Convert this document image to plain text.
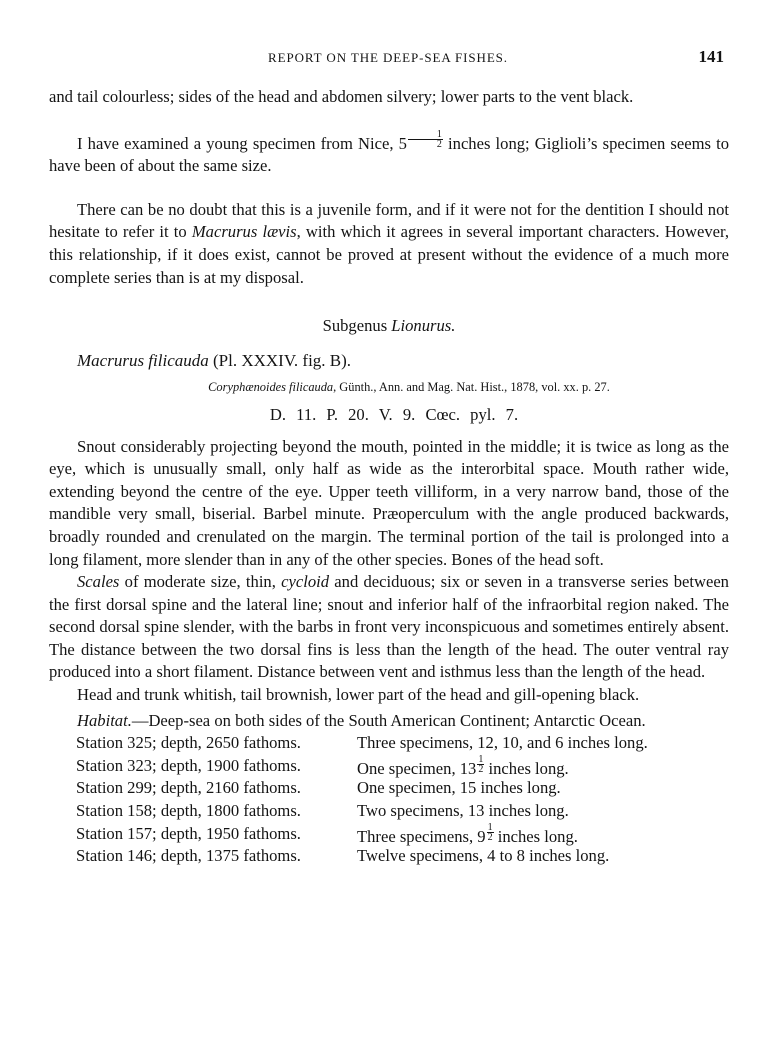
REPORT ON THE DEEP-SEA FISHES.	141

and tail colourless; sides of the head and abdomen silvery; lower parts to the vent black.

I have examined a young specimen from Nice, $5 \frac{1}{2}$ inches long; Giglioli’s specimen seems to have been of about the same size.

There can be no doubt that this is a juvenile form, and if it were not for the dentition I should not hesitate to refer it to Macrurus lævis, with which it agrees in several important characters. However, this relationship, if it does exist, cannot be proved at present without the evidence of a much more complete series than is at my disposal.

Subgenus Lionurus.

Macrurus filicauda (Pl. XXXIV. fig. B).

Coryphænoides filicauda, Günth., Ann. and Mag. Nat. Hist., 1878, vol. xx. p. 27.

D. 11. P. 20. V. 9. Cœc. pyl. 7.

Snout considerably projecting beyond the mouth, pointed in the middle; it is twice as long as the eye, which is unusually small, only half as wide as the interorbital space. Mouth rather wide, extending beyond the centre of the eye. Upper teeth villiform, in a very narrow band, those of the mandible very small, biserial. Barbel minute. Præoperculum with the angle produced backwards, broadly rounded and crenulated on the margin. The terminal portion of the tail is prolonged into a long filament, more slender than in any of the other species. Bones of the head soft.

Scales of moderate size, thin, cycloid and deciduous; six or seven in a transverse series between the first dorsal spine and the lateral line; snout and inferior half of the infraorbital region naked. The second dorsal spine slender, with the barbs in front very inconspicuous and sometimes entirely absent. The distance between the two dorsal fins is less than the length of the head. The outer ventral ray produced into a short filament. Distance between vent and isthmus less than the length of the head.

Head and trunk whitish, tail brownish, lower part of the head and gill-opening black.

Habitat.—Deep-sea on both sides of the South American Continent; Antarctic Ocean.

Station 325; depth, 2650 fathoms.	Three specimens, 12, 10, and 6 inches long.
Station 323; depth, 1900 fathoms.	One specimen, $13 \frac{1}{2}$ inches long.
Station 299; depth, 2160 fathoms.	One specimen, 15 inches long.
Station 158; depth, 1800 fathoms.	Two specimens, 13 inches long.
Station 157; depth, 1950 fathoms.	Three specimens, $9 \frac{1}{2}$ inches long.
Station 146; depth, 1375 fathoms.	Twelve specimens, 4 to 8 inches long.
